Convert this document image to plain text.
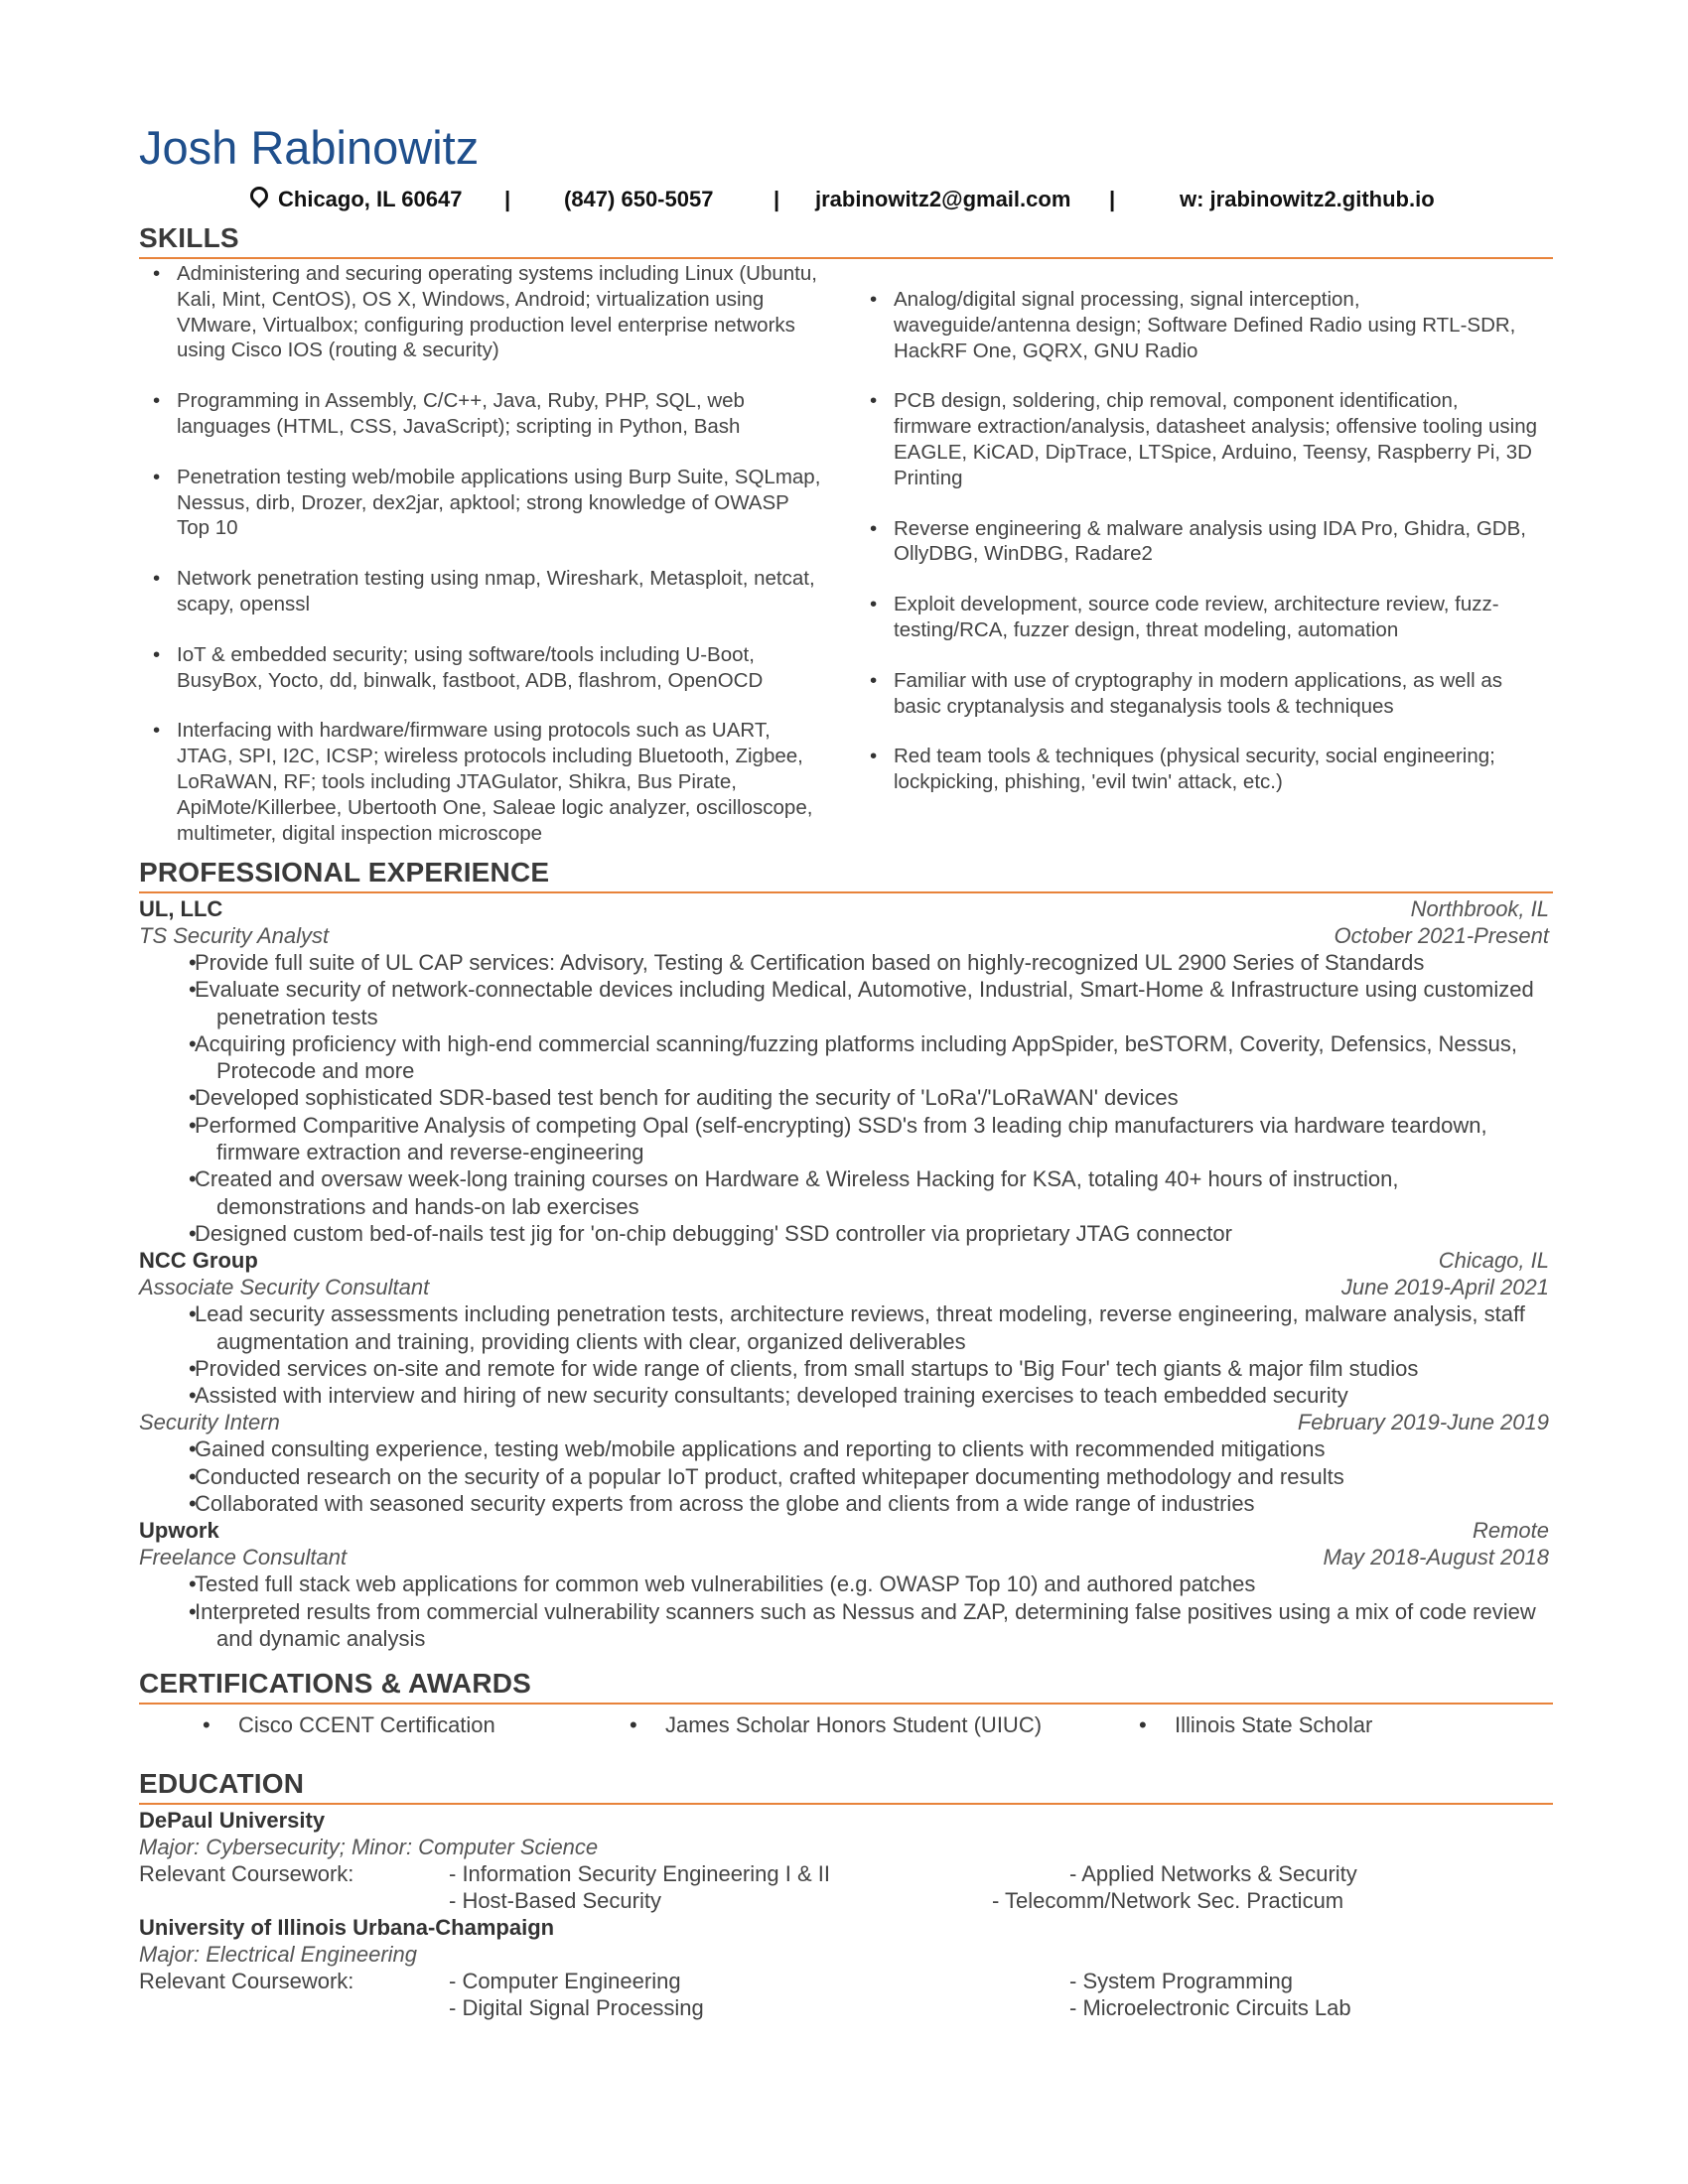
Josh Rabinowitz
Chicago, IL 60647 | (847) 650-5057	| jrabinowitz2@gmail.com |	w: jrabinowitz2.github.io
SKILLS
• Administering and securing operating systems including Linux (Ubuntu, Kali, Mint, CentOS), OS X, Windows, Android; virtualization using VMware, Virtualbox; configuring production level enterprise networks using Cisco IOS (routing & security)
• Programming in Assembly, C/C++, Java, Ruby, PHP, SQL, web languages (HTML, CSS, JavaScript); scripting in Python, Bash
• Penetration testing web/mobile applications using Burp Suite, SQLmap, Nessus, dirb, Drozer, dex2jar, apktool; strong knowledge of OWASP Top 10
• Network penetration testing using nmap, Wireshark, Metasploit, netcat, scapy, openssl
• IoT & embedded security; using software/tools including U-Boot, BusyBox, Yocto, dd, binwalk, fastboot, ADB, flashrom, OpenOCD
• Interfacing with hardware/firmware using protocols such as UART, JTAG, SPI, I2C, ICSP; wireless protocols including Bluetooth, Zigbee, LoRaWAN, RF; tools including JTAGulator, Shikra, Bus Pirate, ApiMote/Killerbee, Ubertooth One, Saleae logic analyzer, oscilloscope, multimeter, digital inspection microscope
• Analog/digital signal processing, signal interception, waveguide/antenna design; Software Defined Radio using RTL-SDR, HackRF One, GQRX, GNU Radio
• PCB design, soldering, chip removal, component identification, firmware extraction/analysis, datasheet analysis; offensive tooling using EAGLE, KiCAD, DipTrace, LTSpice, Arduino, Teensy, Raspberry Pi, 3D Printing
• Reverse engineering & malware analysis using IDA Pro, Ghidra, GDB, OllyDBG, WinDBG, Radare2
• Exploit development, source code review, architecture review, fuzz-testing/RCA, fuzzer design, threat modeling, automation
• Familiar with use of cryptography in modern applications, as well as basic cryptanalysis and steganalysis tools & techniques
• Red team tools & techniques (physical security, social engineering; lockpicking, phishing, 'evil twin' attack, etc.)
PROFESSIONAL EXPERIENCE
UL, LLC	Northbrook, IL
TS Security Analyst	October 2021-Present
• Provide full suite of UL CAP services: Advisory, Testing & Certification based on highly-recognized UL 2900 Series of Standards
• Evaluate security of network-connectable devices including Medical, Automotive, Industrial, Smart-Home & Infrastructure using customized penetration tests
• Acquiring proficiency with high-end commercial scanning/fuzzing platforms including AppSpider, beSTORM, Coverity, Defensics, Nessus, Protecode and more
• Developed sophisticated SDR-based test bench for auditing the security of 'LoRa'/'LoRaWAN' devices
• Performed Comparitive Analysis of competing Opal (self-encrypting) SSD's from 3 leading chip manufacturers via hardware teardown, firmware extraction and reverse-engineering
• Created and oversaw week-long training courses on Hardware & Wireless Hacking for KSA, totaling 40+ hours of instruction, demonstrations and hands-on lab exercises
• Designed custom bed-of-nails test jig for 'on-chip debugging' SSD controller via proprietary JTAG connector
NCC Group	Chicago, IL
Associate Security Consultant	June 2019-April 2021
• Lead security assessments including penetration tests, architecture reviews, threat modeling, reverse engineering, malware analysis, staff augmentation and training, providing clients with clear, organized deliverables
• Provided services on-site and remote for wide range of clients, from small startups to 'Big Four' tech giants & major film studios
• Assisted with interview and hiring of new security consultants; developed training exercises to teach embedded security
Security Intern	February 2019-June 2019
• Gained consulting experience, testing web/mobile applications and reporting to clients with recommended mitigations
• Conducted research on the security of a popular IoT product, crafted whitepaper documenting methodology and results
• Collaborated with seasoned security experts from across the globe and clients from a wide range of industries
Upwork	Remote
Freelance Consultant	May 2018-August 2018
• Tested full stack web applications for common web vulnerabilities (e.g. OWASP Top 10) and authored patches
• Interpreted results from commercial vulnerability scanners such as Nessus and ZAP, determining false positives using a mix of code review and dynamic analysis
CERTIFICATIONS & AWARDS
• Cisco CCENT Certification	• James Scholar Honors Student (UIUC)	• Illinois State Scholar
EDUCATION
DePaul University
Major: Cybersecurity; Minor: Computer Science
Relevant Coursework:	- Information Security Engineering I & II	- Applied Networks & Security
- Host-Based Security	- Telecomm/Network Sec. Practicum
University of Illinois Urbana-Champaign
Major: Electrical Engineering
Relevant Coursework:	- Computer Engineering	- System Programming
- Digital Signal Processing	- Microelectronic Circuits Lab
